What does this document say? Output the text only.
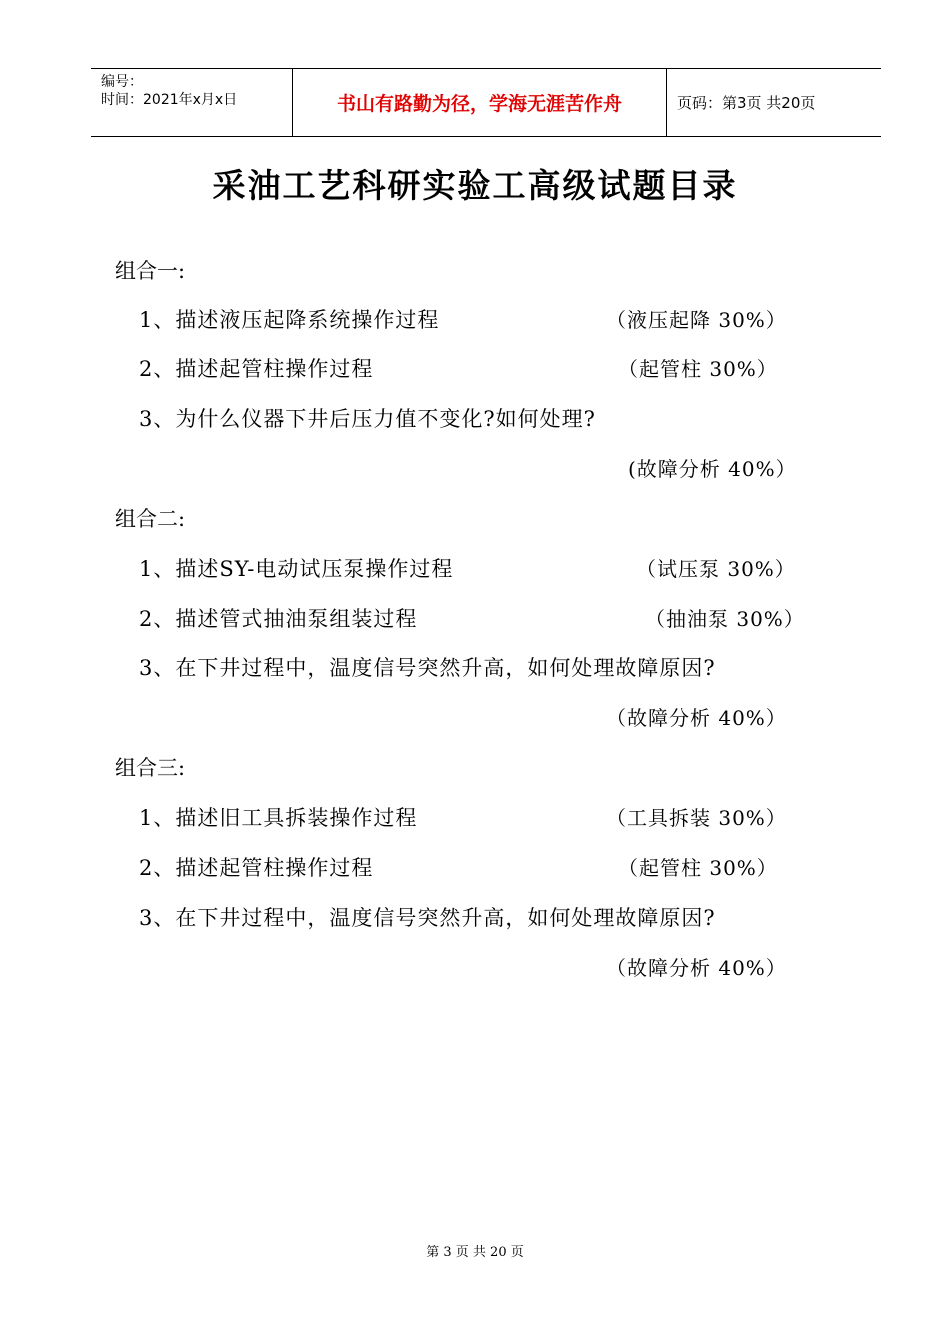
编号：
时间：2021年x月x日	书山有路勤为径，学海无涯苦作舟	页码：第3页 共20页
采油工艺科研实验工高级试题目录
组合一:
1、描述液压起降系统操作过程	（液压起降 30%）
2、描述起管柱操作过程	（起管柱 30%）
3、为什么仪器下井后压力值不变化?如何处理?
(故障分析 40%）
组合二:
1、描述SY-电动试压泵操作过程	（试压泵 30%）
2、描述管式抽油泵组装过程	（抽油泵 30%）
3、在下井过程中，温度信号突然升高，如何处理故障原因?
（故障分析 40%）
组合三:
1、描述旧工具拆装操作过程	（工具拆装 30%）
2、描述起管柱操作过程	（起管柱 30%）
3、在下井过程中，温度信号突然升高，如何处理故障原因?
（故障分析 40%）
第 3 页 共 20 页
